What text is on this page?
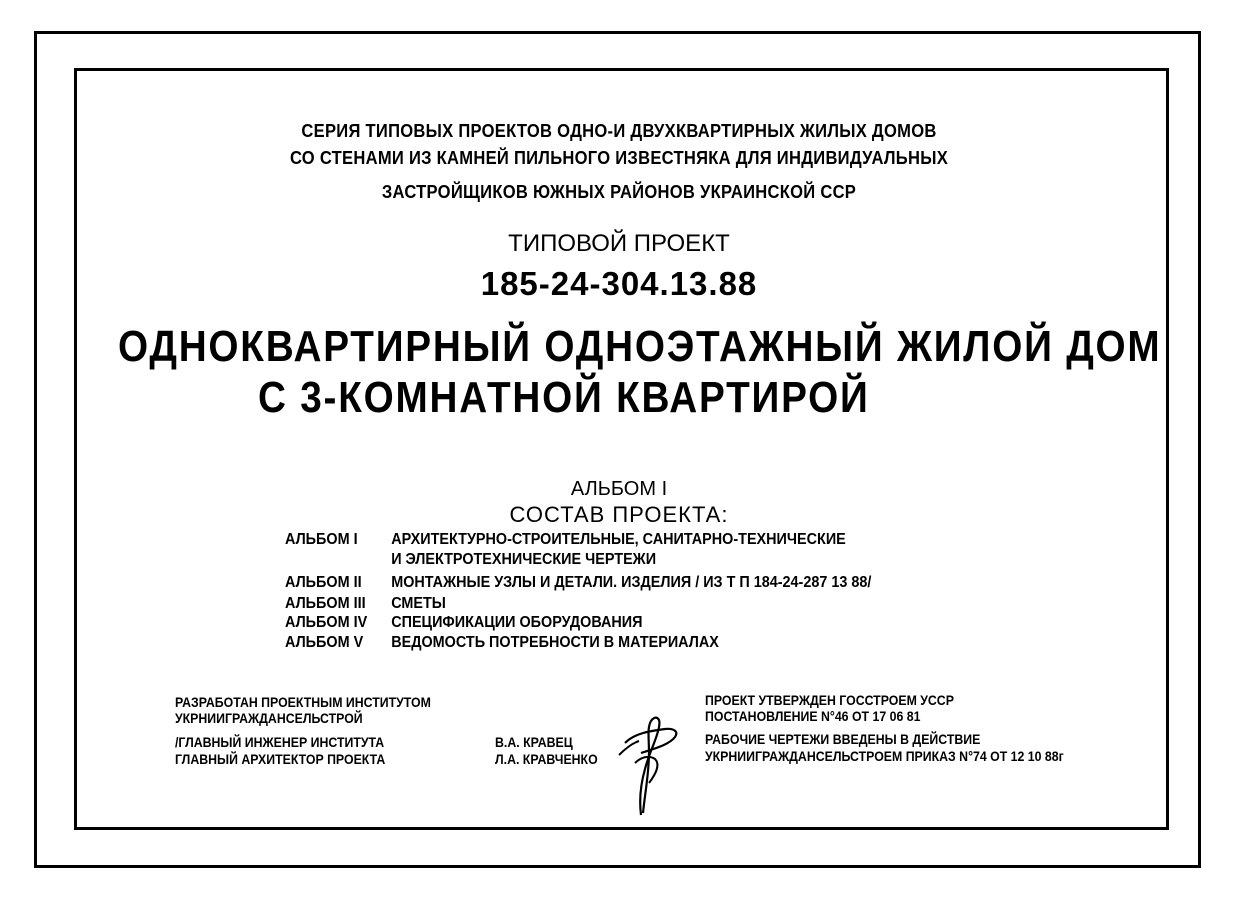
СЕРИЯ ТИПОВЫХ ПРОЕКТОВ ОДНО-И ДВУХКВАРТИРНЫХ ЖИЛЫХ ДОМОВ
СО СТЕНАМИ ИЗ КАМНЕЙ ПИЛЬНОГО ИЗВЕСТНЯКА ДЛЯ ИНДИВИДУАЛЬНЫХ
ЗАСТРОЙЩИКОВ ЮЖНЫХ РАЙОНОВ УКРАИНСКОЙ ССР
ТИПОВОЙ ПРОЕКТ
185-24-304.13.88
ОДНОКВАРТИРНЫЙ ОДНОЭТАЖНЫЙ ЖИЛОЙ ДОМ
С 3-КОМНАТНОЙ КВАРТИРОЙ
АЛЬБОМ I
СОСТАВ ПРОЕКТА:
АЛЬБОМ I АРХИТЕКТУРНО-СТРОИТЕЛЬНЫЕ, САНИТАРНО-ТЕХНИЧЕСКИЕ
И ЭЛЕКТРОТЕХНИЧЕСКИЕ ЧЕРТЕЖИ
АЛЬБОМ II МОНТАЖНЫЕ УЗЛЫ И ДЕТАЛИ. ИЗДЕЛИЯ / ИЗ Т П 184-24-287 13 88/
АЛЬБОМ III СМЕТЫ
АЛЬБОМ IV СПЕЦИФИКАЦИИ ОБОРУДОВАНИЯ
АЛЬБОМ V ВЕДОМОСТЬ ПОТРЕБНОСТИ В МАТЕРИАЛАХ
РАЗРАБОТАН ПРОЕКТНЫМ ИНСТИТУТОМ
УКРНИИГРАЖДАНСЕЛЬСТРОЙ
/ГЛАВНЫЙ ИНЖЕНЕР ИНСТИТУТА	В.А. КРАВЕЦ
ГЛАВНЫЙ АРХИТЕКТОР ПРОЕКТА	Л.А. КРАВЧЕНКО
ПРОЕКТ УТВЕРЖДЕН ГОССТРОЕМ УССР
ПОСТАНОВЛЕНИЕ N°46 ОТ 17 06 81
РАБОЧИЕ ЧЕРТЕЖИ ВВЕДЕНЫ В ДЕЙСТВИЕ
УКРНИИГРАЖДАНСЕЛЬСТРОЕМ ПРИКАЗ N°74 ОТ 12 10 88г
